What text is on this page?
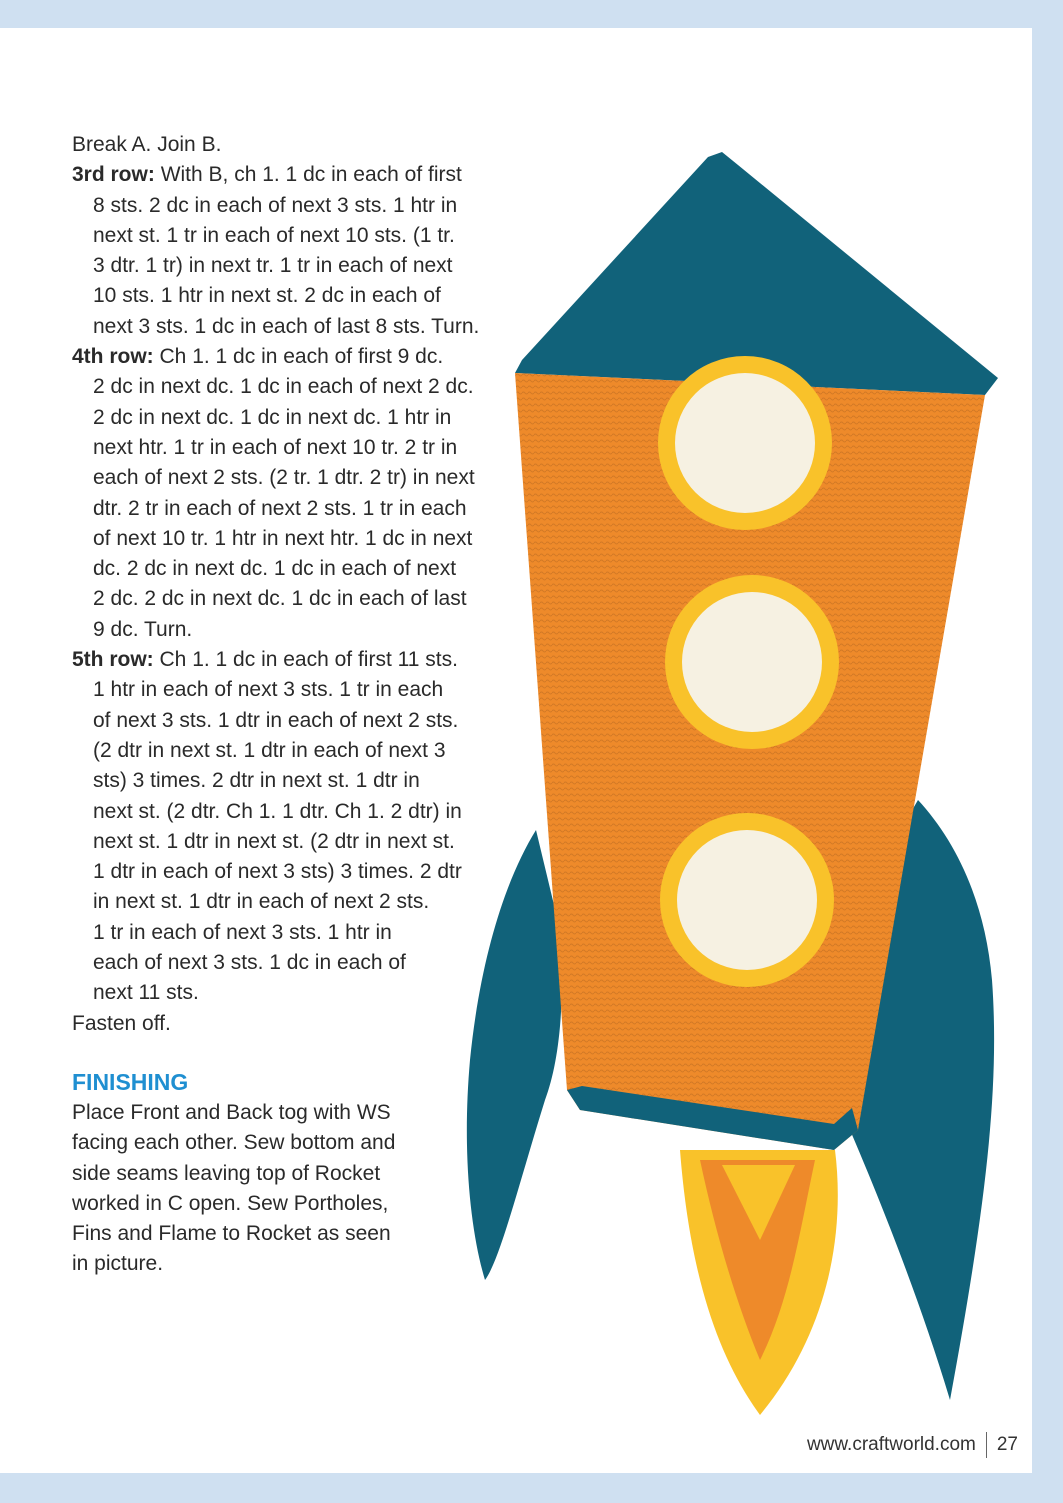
Break A. Join B.
3rd row: With B, ch 1. 1 dc in each of first
8 sts. 2 dc in each of next 3 sts. 1 htr in
next st. 1 tr in each of next 10 sts. (1 tr.
3 dtr. 1 tr) in next tr. 1 tr in each of next
10 sts. 1 htr in next st. 2 dc in each of
next 3 sts. 1 dc in each of last 8 sts. Turn.
4th row: Ch 1. 1 dc in each of first 9 dc.
2 dc in next dc. 1 dc in each of next 2 dc.
2 dc in next dc. 1 dc in next dc. 1 htr in
next htr. 1 tr in each of next 10 tr. 2 tr in
each of next 2 sts. (2 tr. 1 dtr. 2 tr) in next
dtr. 2 tr in each of next 2 sts. 1 tr in each
of next 10 tr. 1 htr in next htr. 1 dc in next
dc. 2 dc in next dc. 1 dc in each of next
2 dc. 2 dc in next dc. 1 dc in each of last
9 dc. Turn.
5th row: Ch 1. 1 dc in each of first 11 sts.
1 htr in each of next 3 sts. 1 tr in each
of next 3 sts. 1 dtr in each of next 2 sts.
(2 dtr in next st. 1 dtr in each of next 3
sts) 3 times. 2 dtr in next st. 1 dtr in
next st. (2 dtr. Ch 1. 1 dtr. Ch 1. 2 dtr) in
next st. 1 dtr in next st. (2 dtr in next st.
1 dtr in each of next 3 sts) 3 times. 2 dtr
in next st. 1 dtr in each of next 2 sts.
1 tr in each of next 3 sts. 1 htr in
each of next 3 sts. 1 dc in each of
next 11 sts.
Fasten off.
FINISHING
Place Front and Back tog with WS
facing each other. Sew bottom and
side seams leaving top of Rocket
worked in C open. Sew Portholes,
Fins and Flame to Rocket as seen
in picture.
www.craftworld.com 27
